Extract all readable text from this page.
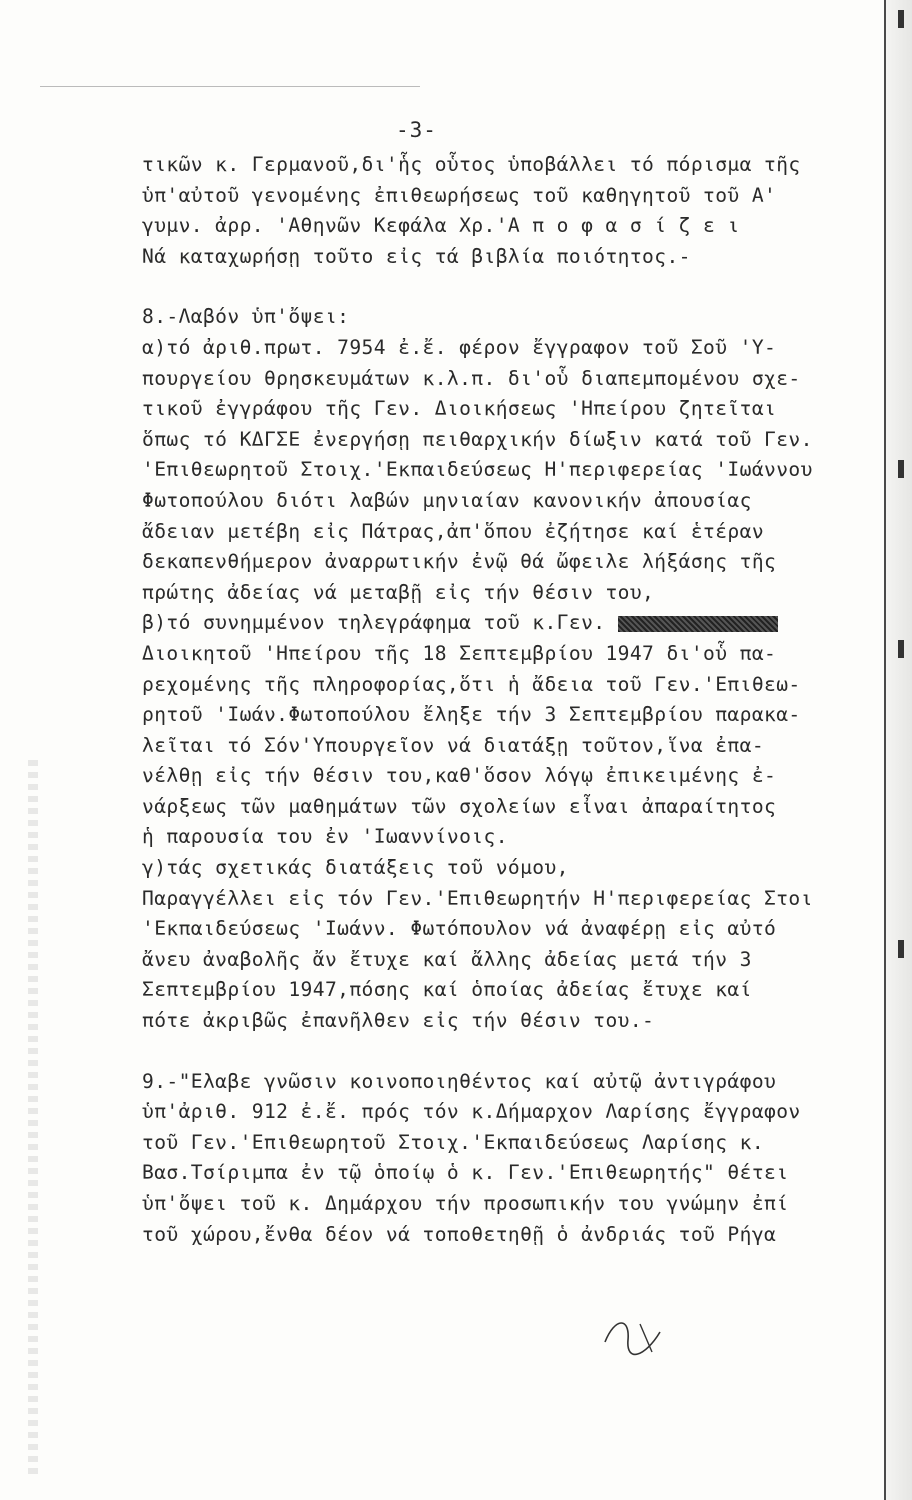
-3-
τικῶν κ. Γερμανοῦ,δι'ἧς οὗτος ὑποβάλλει τό πόρισμα τῆς
ὑπ'αὐτοῦ γενομένης ἐπιθεωρήσεως τοῦ καθηγητοῦ τοῦ Α'
γυμν. ἀρρ. 'Αθηνῶν Κεφάλα Χρ.'Α π ο φ α σ ί ζ ε ι
Νά καταχωρήσῃ τοῦτο εἰς τά βιβλία ποιότητος.-
8.-Λαβόν ὑπ'ὄψει:
α)τό ἀριθ.πρωτ. 7954 ἐ.ἔ. φέρον ἔγγραφον τοῦ Σοῦ 'Υ-
πουργείου θρησκευμάτων κ.λ.π. δι'οὗ διαπεμπομένου σχε-
τικοῦ ἐγγράφου τῆς Γεν. Διοικήσεως 'Ηπείρου ζητεῖται
ὅπως τό ΚΔΓΣΕ ἐνεργήσῃ πειθαρχικήν δίωξιν κατά τοῦ Γεν.
'Επιθεωρητοῦ Στοιχ.'Εκπαιδεύσεως Η'περιφερείας 'Ιωάννου
Φωτοπούλου διότι λαβών μηνιαίαν κανονικήν ἀπουσίας
ἄδειαν μετέβη εἰς Πάτρας,ἀπ'ὅπου ἐζήτησε καί ἑτέραν
δεκαπενθήμερον ἀναρρωτικήν ἐνῷ θά ὤφειλε λήξάσης τῆς
πρώτης ἀδείας νά μεταβῇ εἰς τήν θέσιν του,
β)τό συνημμένον τηλεγράφημα τοῦ κ.Γεν.
Διοικητοῦ 'Ηπείρου τῆς 18 Σεπτεμβρίου 1947 δι'οὗ πα-
ρεχομένης τῆς πληροφορίας,ὅτι ἡ ἄδεια τοῦ Γεν.'Επιθεω-
ρητοῦ 'Ιωάν.Φωτοπούλου ἔληξε τήν 3 Σεπτεμβρίου παρακα-
λεῖται τό Σόν'Υπουργεῖον νά διατάξῃ τοῦτον,ἵνα ἐπα-
νέλθῃ εἰς τήν θέσιν του,καθ'ὅσον λόγῳ ἐπικειμένης ἐ-
νάρξεως τῶν μαθημάτων τῶν σχολείων εἶναι ἀπαραίτητος
ἡ παρουσία του ἐν 'Ιωαννίνοις.
γ)τάς σχετικάς διατάξεις τοῦ νόμου,
Παραγγέλλει εἰς τόν Γεν.'Επιθεωρητήν Η'περιφερείας Στοι
'Εκπαιδεύσεως 'Ιωάνν. Φωτόπουλον νά ἀναφέρῃ εἰς αὐτό
ἄνευ ἀναβολῆς ἄν ἔτυχε καί ἄλλης ἀδείας μετά τήν 3
Σεπτεμβρίου 1947,πόσης καί ὁποίας ἀδείας ἔτυχε καί
πότε ἀκριβῶς ἐπανῆλθεν εἰς τήν θέσιν του.-
9.-"Ελαβε γνῶσιν κοινοποιηθέντος καί αὐτῷ ἀντιγράφου
ὑπ'ἀριθ. 912 ἐ.ἔ. πρός τόν κ.Δήμαρχον Λαρίσης ἔγγραφον
τοῦ Γεν.'Επιθεωρητοῦ Στοιχ.'Εκπαιδεύσεως Λαρίσης κ.
Βασ.Τσίριμπα ἐν τῷ ὁποίῳ ὁ κ. Γεν.'Επιθεωρητής" θέτει
ὑπ'ὄψει τοῦ κ. Δημάρχου τήν προσωπικήν του γνώμην ἐπί
τοῦ χώρου,ἔνθα δέον νά τοποθετηθῇ ὁ ἀνδριάς τοῦ Ρήγα
